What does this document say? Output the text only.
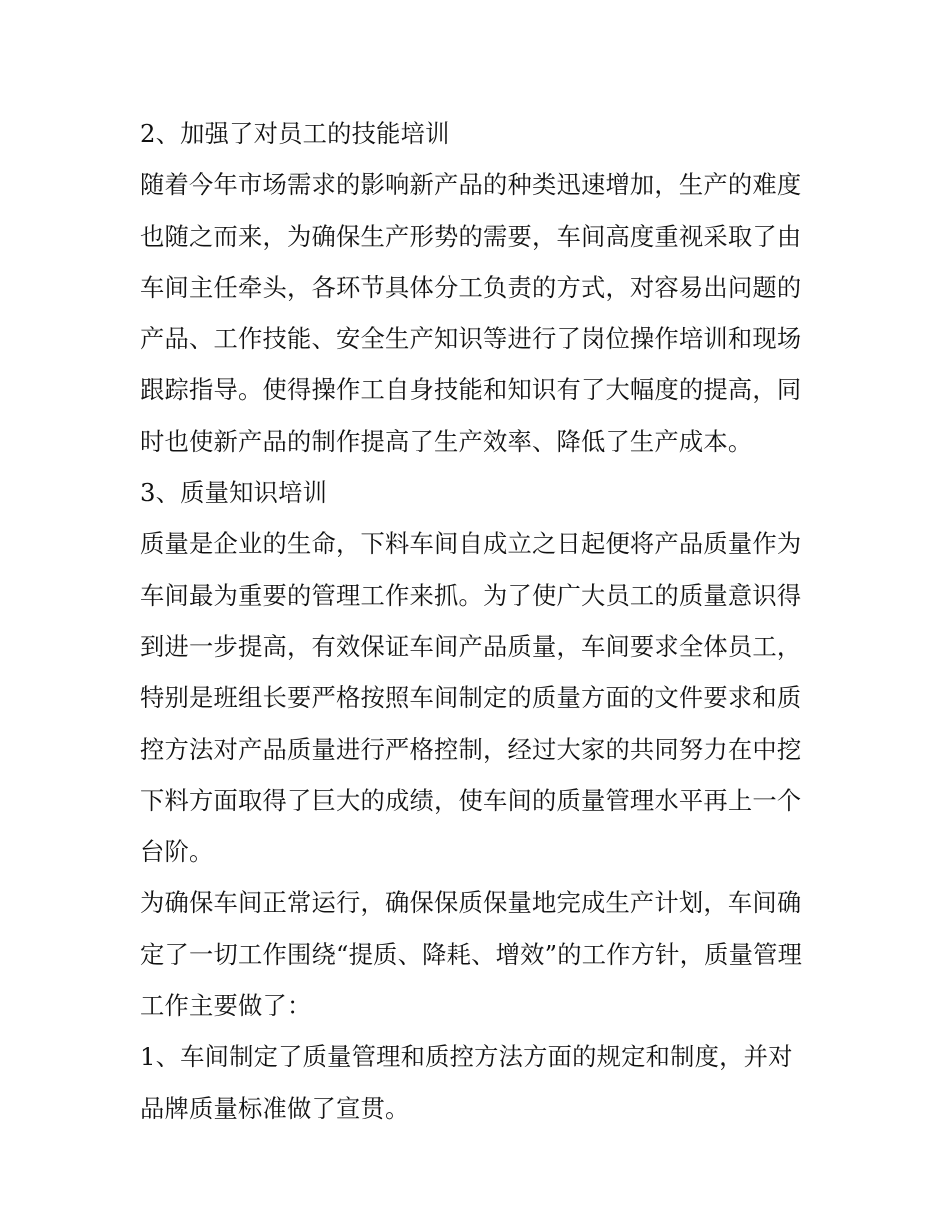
2、加强了对员工的技能培训
随着今年市场需求的影响新产品的种类迅速增加，生产的难度
也随之而来，为确保生产形势的需要，车间高度重视采取了由
车间主任牵头，各环节具体分工负责的方式，对容易出问题的
产品、工作技能、安全生产知识等进行了岗位操作培训和现场
跟踪指导。使得操作工自身技能和知识有了大幅度的提高，同
时也使新产品的制作提高了生产效率、降低了生产成本。
3、质量知识培训
质量是企业的生命，下料车间自成立之日起便将产品质量作为
车间最为重要的管理工作来抓。为了使广大员工的质量意识得
到进一步提高，有效保证车间产品质量，车间要求全体员工，
特别是班组长要严格按照车间制定的质量方面的文件要求和质
控方法对产品质量进行严格控制，经过大家的共同努力在中挖
下料方面取得了巨大的成绩，使车间的质量管理水平再上一个
台阶。
为确保车间正常运行，确保保质保量地完成生产计划，车间确
定了一切工作围绕“提质、降耗、增效”的工作方针，质量管理
工作主要做了：
1、车间制定了质量管理和质控方法方面的规定和制度，并对
品牌质量标准做了宣贯。
